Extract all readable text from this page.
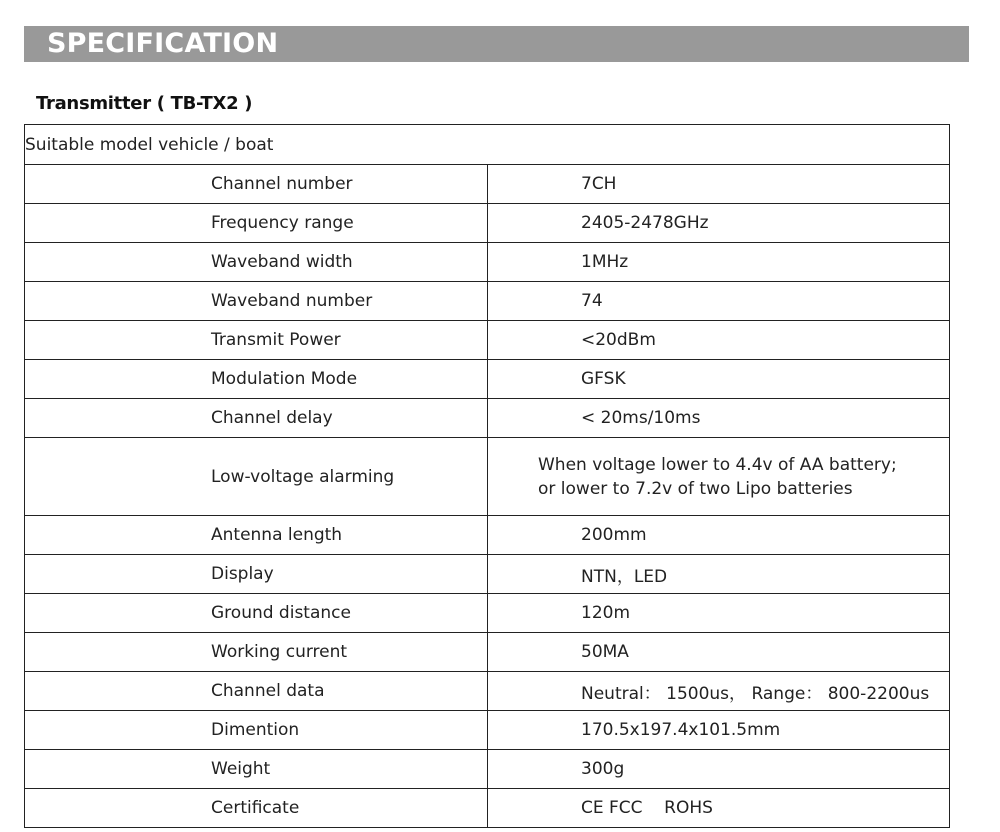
SPECIFICATION
Transmitter ( TB-TX2 )
Suitable model vehicle / boat	
Channel number	7CH
Frequency range	2405-2478GHz
Waveband width	1MHz
Waveband number	74
Transmit Power	<20dBm
Modulation Mode	GFSK
Channel delay	< 20ms/10ms
Low-voltage alarming	When voltage lower to 4.4v of AA battery;
or lower to 7.2v of two Lipo batteries

Antenna length	200mm
Display	NTN，LED
Ground distance	120m
Working current	50MA
Channel data	Neutral： 1500us， Range： 800-2200us
Dimention	170.5x197.4x101.5mm
Weight	300g
Certificate	CE FCC    ROHS
